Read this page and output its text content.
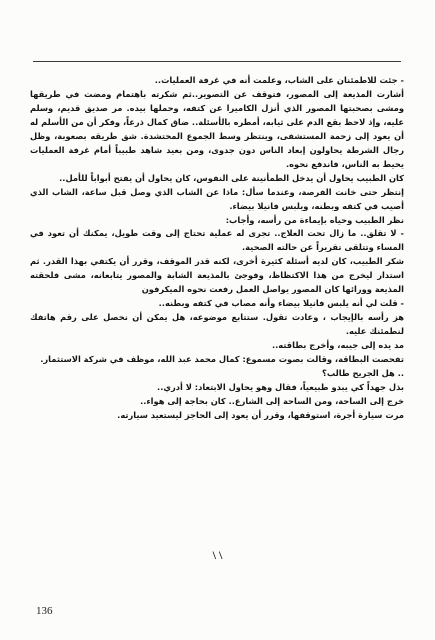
- جئت للاطمئنان على الشاب، وعلمت أنه في غرفة العمليات..

أشارت المذيعة إلى المصور، فتوقف عن التصوير..ثم شكرته باهتمام ومضت في طريقها ومشى بصحبتها المصور الذي أنزل الكاميرا عن كتفه، وحملها بيده. مر صديق قديم، وسلم عليه، وإذ لاحظ بقع الدم على ثيابه، أمطره بالأسئلة.. ضاق كمال ذرعاً، وفكر أن من الأسلم له أن يعود إلى زحمة المستشفى، وينتظر وسط الجموع المحتشدة. شق طريقه بصعوبة، وظل رجال الشرطة يحاولون إبعاد الناس دون جدوى، ومن بعيد شاهد طبيباً أمام غرفة العمليات يحيط به الناس، فاندفع نحوه.

كان الطبيب يحاول أن يدخل الطمأنينة على النفوس، كان يحاول أن يفتح أبواباً للأمل..

إنتظر حتى خانت الفرصة، وعندما سأل: ماذا عن الشاب الذي وصل قبل ساعة، الشاب الذي أصيب في كتفه وبطنه، ويلبس فانيلا بيضاء.

نظر الطبيب وحياه بإيماءة من رأسه، وأجاب:

- لا تقلق.. ما زال تحت العلاج.. تجرى له عملية تحتاج إلى وقت طويل، يمكنك أن تعود في المساء وتتلقى تقريراً عن حالته الصحية.

شكر الطبيب، كان لديه أسئلة كثيرة أخرى، لكنه قدر الموقف، وقرر أن يكتفي بهذا القدر. ثم استدار ليخرج من هذا الاكتظاظ، وفوجئ بالمذيعة الشابة والمصور يتابعانه، مشى فلحقته المذيعة وورائها كان المصور يواصل العمل رفعت نحوه الميكرفون

- قلت لي أنه يلبس فانيلا بيضاء وأنه مصاب في كتفه وبطنه..

هز رأسه بالإيجاب ، وعادت تقول. ستتابع موضوعه، هل يمكن أن نحصل على رقم هاتفك لنطمئنك عليه.

مد يده إلى جيبه، وأخرج بطاقته..

تفحصت البطاقة، وقالت بصوت مسموع: كمال محمد عبد الله، موظف في شركة الاستثمار.

.. هل الجريح طالب؟

بذل جهداً كي يبدو طبيعياً، فقال وهو يحاول الابتعاد: لا أدري..

خرج إلى الساحة، ومن الساحة إلى الشارع.. كان بحاجة إلى هواء..

مرت سيارة أجرة، استوقفها، وقرر أن يعود إلى الحاجز ليستعيد سيارته.

\ \
136
